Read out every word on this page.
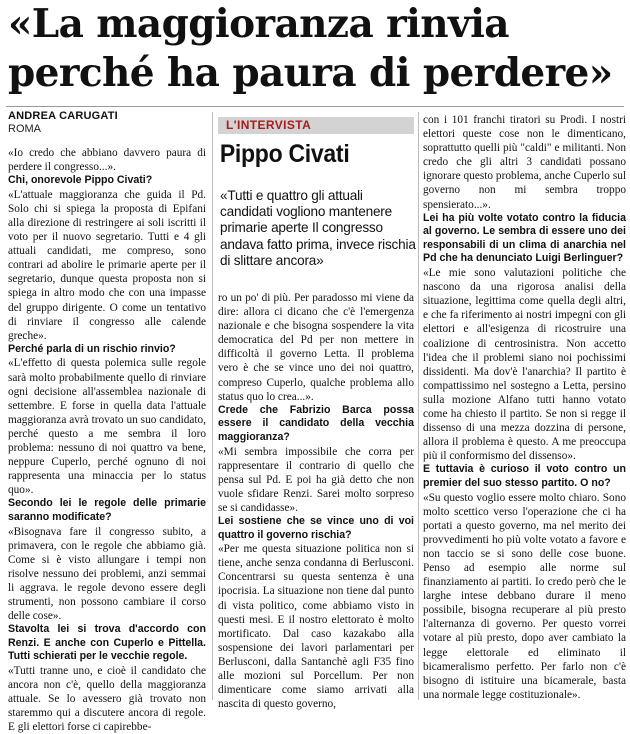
«La maggioranza rinvia
perché ha paura di perdere»
ANDREA CARUGATI
ROMA	L'INTERVISTA
Pippo Civati
«Tutti e quattro gli attuali candidati vogliono mantenere primarie aperte Il congresso andava fatto prima, invece rischia di slittare ancora»

«Io credo che abbiano davvero paura di perdere il congresso...».

Chi, onorevole Pippo Civati?

«L'attuale maggioranza che guida il Pd. Solo chi si spiega la proposta di Epifani alla direzione di restringere ai soli iscritti il voto per il nuovo segretario. Tutti e 4 gli attuali candidati, me compreso, sono contrari ad abolire le primarie aperte per il segretario, dunque questa proposta non si spiega in altro modo che con una impasse del gruppo dirigente. O come un tentativo di rinviare il congresso alle calende greche».

Perché parla di un rischio rinvio?

«L'effetto di questa polemica sulle regole sarà molto probabilmente quello di rinviare ogni decisione all'assemblea nazionale di settembre. E forse in quella data l'attuale maggioranza avrà trovato un suo candidato, perché questo a me sembra il loro problema: nessuno di noi quattro va bene, neppure Cuperlo, perché ognuno di noi rappresenta una minaccia per lo status quo».

Secondo lei le regole delle primarie saranno modificate?

«Bisognava fare il congresso subito, a primavera, con le regole che abbiamo già. Come si è visto allungare i tempi non risolve nessuno dei problemi, anzi semmai li aggrava. le regole devono essere degli strumenti, non possono cambiare il corso delle cose».

Stavolta lei si trova d'accordo con Renzi. E anche con Cuperlo e Pittella. Tutti schierati per le vecchie regole.

«Tutti tranne uno, e cioè il candidato che ancora non c'è, quello della maggioranza attuale. Se lo avessero già trovato non staremmo qui a discutere ancora di regole. E gli elettori forse ci capirebbe-

ro un po' di più. Per paradosso mi viene da dire: allora ci dicano che c'è l'emergenza nazionale e che bisogna sospendere la vita democratica del Pd per non mettere in difficoltà il governo Letta. Il problema vero è che se vince uno dei noi quattro, compreso Cuperlo, qualche problema allo status quo lo crea...».

Crede che Fabrizio Barca possa essere il candidato della vecchia maggioranza?

«Mi sembra impossibile che corra per rappresentare il contrario di quello che pensa sul Pd. E poi ha già detto che non vuole sfidare Renzi. Sarei molto sorpreso se si candidasse».

Lei sostiene che se vince uno di voi quattro il governo rischia?

«Per me questa situazione politica non si tiene, anche senza condanna di Berlusconi. Concentrarsi su questa sentenza è una ipocrisia. La situazione non tiene dal punto di vista politico, come abbiamo visto in questi mesi. E il nostro elettorato è molto mortificato. Dal caso kazakabo alla sospensione dei lavori parlamentari per Berlusconi, dalla Santanchè agli F35 fino alle mozioni sul Porcellum. Per non dimenticare come siamo arrivati alla nascita di questo governo,

con i 101 franchi tiratori su Prodi. I nostri elettori queste cose non le dimenticano, soprattutto quelli più "caldi" e militanti. Non credo che gli altri 3 candidati possano ignorare questo problema, anche Cuperlo sul governo non mi sembra troppo spensierato...».

Lei ha più volte votato contro la fiducia al governo. Le sembra di essere uno dei responsabili di un clima di anarchia nel Pd che ha denunciato Luigi Berlinguer?

«Le mie sono valutazioni politiche che nascono da una rigorosa analisi della situazione, legittima come quella degli altri, e che fa riferimento ai nostri impegni con gli elettori e all'esigenza di ricostruire una coalizione di centrosinistra. Non accetto l'idea che il problemi siano noi pochissimi dissidenti. Ma dov'è l'anarchia? Il partito è compattissimo nel sostegno a Letta, persino sulla mozione Alfano tutti hanno votato come ha chiesto il partito. Se non si regge il dissenso di una mezza dozzina di persone, allora il problema è questo. A me preoccupa più il conformismo del dissenso».

E tuttavia è curioso il voto contro un premier del suo stesso partito. O no?

«Su questo voglio essere molto chiaro. Sono molto scettico verso l'operazione che ci ha portati a questo governo, ma nel merito dei provvedimenti ho più volte votato a favore e non taccio se si sono delle cose buone. Penso ad esempio alle norme sul finanziamento ai partiti. Io credo però che le larghe intese debbano durare il meno possibile, bisogna recuperare al più presto l'alternanza di governo. Per questo vorrei votare al più presto, dopo aver cambiato la legge elettorale ed eliminato il bicameralismo perfetto. Per farlo non c'è bisogno di istituire una bicamerale, basta una normale legge costituzionale».
